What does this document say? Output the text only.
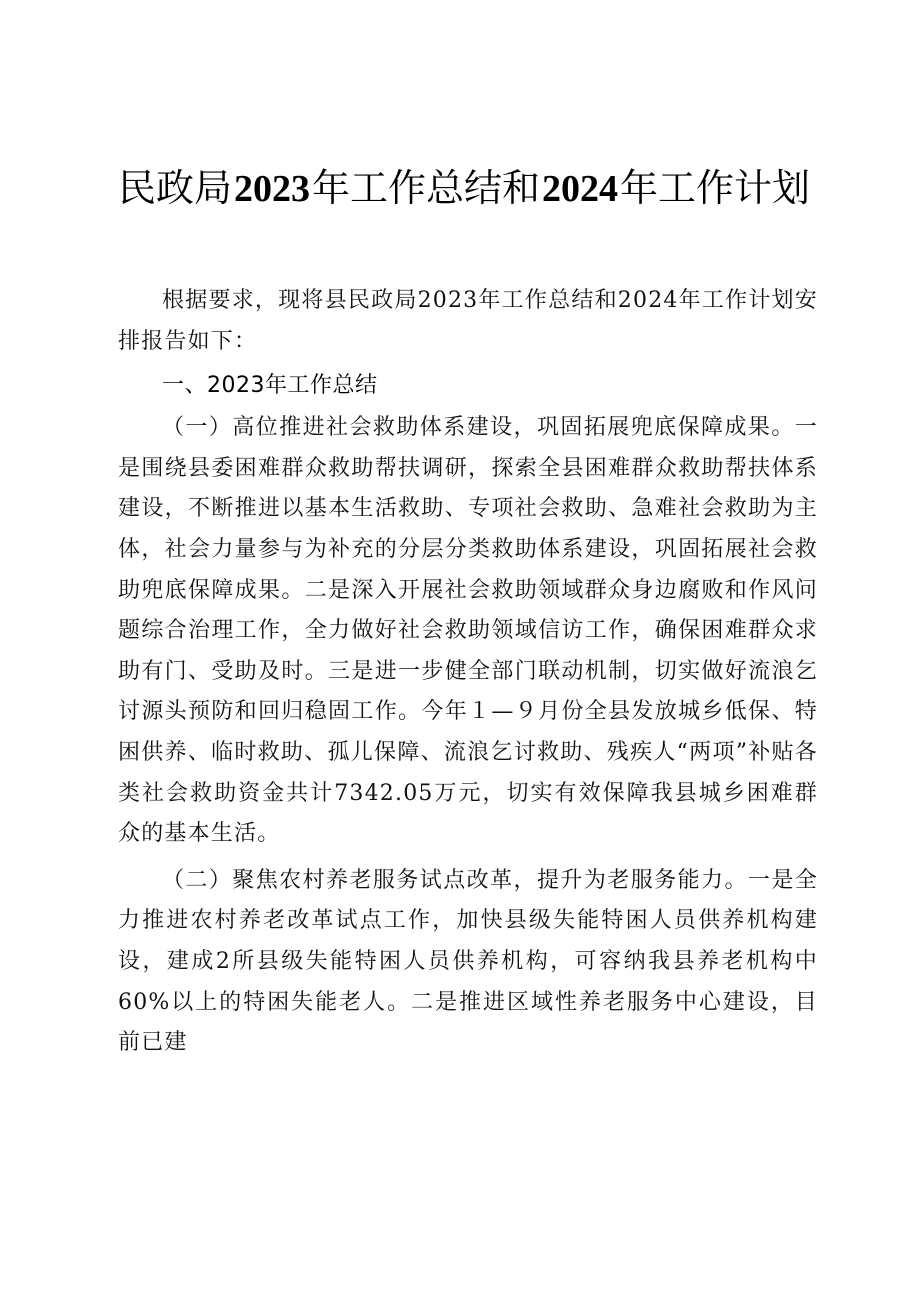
民政局2023年工作总结和2024年工作计划

根据要求，现将县民政局2023年工作总结和2024年工作计划安排报告如下：

一、2023年工作总结

（一）高位推进社会救助体系建设，巩固拓展兜底保障成果。一是围绕县委困难群众救助帮扶调研，探索全县困难群众救助帮扶体系建设，不断推进以基本生活救助、专项社会救助、急难社会救助为主体，社会力量参与为补充的分层分类救助体系建设，巩固拓展社会救助兜底保障成果。二是深入开展社会救助领域群众身边腐败和作风问题综合治理工作，全力做好社会救助领域信访工作，确保困难群众求助有门、受助及时。三是进一步健全部门联动机制，切实做好流浪乞讨源头预防和回归稳固工作。今年１—９月份全县发放城乡低保、特困供养、临时救助、孤儿保障、流浪乞讨救助、残疾人“两项”补贴各类社会救助资金共计7342.05万元，切实有效保障我县城乡困难群众的基本生活。

（二）聚焦农村养老服务试点改革，提升为老服务能力。一是全力推进农村养老改革试点工作，加快县级失能特困人员供养机构建设，建成2所县级失能特困人员供养机构，可容纳我县养老机构中60%以上的特困失能老人。二是推进区域性养老服务中心建设，目前已建
